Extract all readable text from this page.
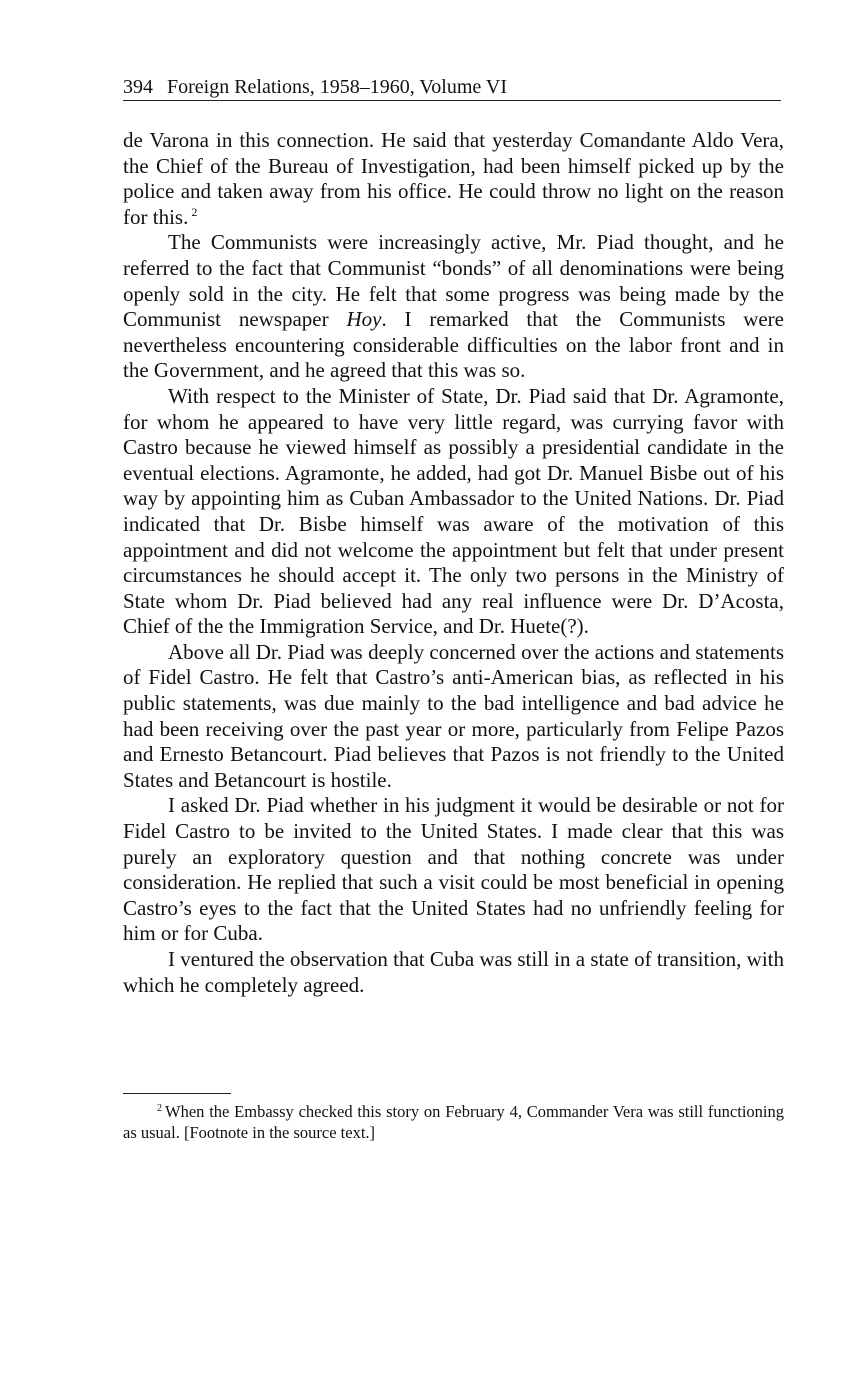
394 Foreign Relations, 1958–1960, Volume VI

de Varona in this connection. He said that yesterday Comandante Aldo Vera, the Chief of the Bureau of Investigation, had been himself picked up by the police and taken away from his office. He could throw no light on the reason for this. $^2$

The Communists were increasingly active, Mr. Piad thought, and he referred to the fact that Communist “bonds” of all denominations were being openly sold in the city. He felt that some progress was being made by the Communist newspaper Hoy. I remarked that the Communists were nevertheless encountering considerable difficulties on the labor front and in the Government, and he agreed that this was so.

With respect to the Minister of State, Dr. Piad said that Dr. Agramonte, for whom he appeared to have very little regard, was currying favor with Castro because he viewed himself as possibly a presidential candidate in the eventual elections. Agramonte, he added, had got Dr. Manuel Bisbe out of his way by appointing him as Cuban Ambassador to the United Nations. Dr. Piad indicated that Dr. Bisbe himself was aware of the motivation of this appointment and did not welcome the appointment but felt that under present circumstances he should accept it. The only two persons in the Ministry of State whom Dr. Piad believed had any real influence were Dr. D’Acosta, Chief of the the Immigration Service, and Dr. Huete(?).

Above all Dr. Piad was deeply concerned over the actions and statements of Fidel Castro. He felt that Castro’s anti-American bias, as reflected in his public statements, was due mainly to the bad intelligence and bad advice he had been receiving over the past year or more, particularly from Felipe Pazos and Ernesto Betancourt. Piad believes that Pazos is not friendly to the United States and Betancourt is hostile.

I asked Dr. Piad whether in his judgment it would be desirable or not for Fidel Castro to be invited to the United States. I made clear that this was purely an exploratory question and that nothing concrete was under consideration. He replied that such a visit could be most beneficial in opening Castro’s eyes to the fact that the United States had no unfriendly feeling for him or for Cuba.

I ventured the observation that Cuba was still in a state of transition, with which he completely agreed.

$^2$ When the Embassy checked this story on February 4, Commander Vera was still functioning as usual. [Footnote in the source text.]
